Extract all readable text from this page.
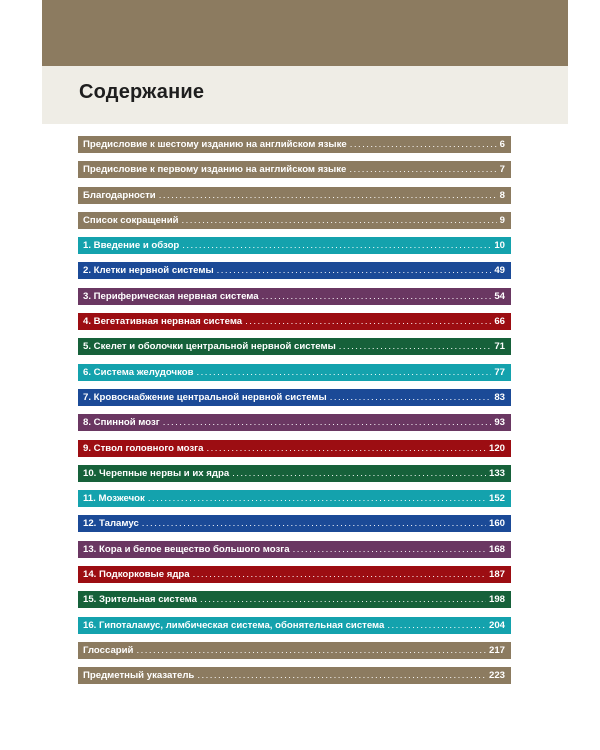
Содержание
Предисловие к шестому изданию на английском языке . . .	6
Предисловие к первому изданию на английском языке . . .	7
Благодарности . . .	8
Список сокращений . . .	9
1. Введение и обзор . . .	10
2. Клетки нервной системы . . .	49
3. Периферическая нервная система . . .	54
4. Вегетативная нервная система . . .	66
5. Скелет и оболочки центральной нервной системы . . .	71
6. Система желудочков . . .	77
7. Кровоснабжение центральной нервной системы . . .	83
8. Спинной мозг . . .	93
9. Ствол головного мозга . . .	120
10. Черепные нервы и их ядра . . .	133
11. Мозжечок . . .	152
12. Таламус . . .	160
13. Кора и белое вещество большого мозга . . .	168
14. Подкорковые ядра . . .	187
15. Зрительная система . . .	198
16. Гипоталамус, лимбическая система, обонятельная система . . .	204
Глоссарий . . .	217
Предметный указатель . . .	223
